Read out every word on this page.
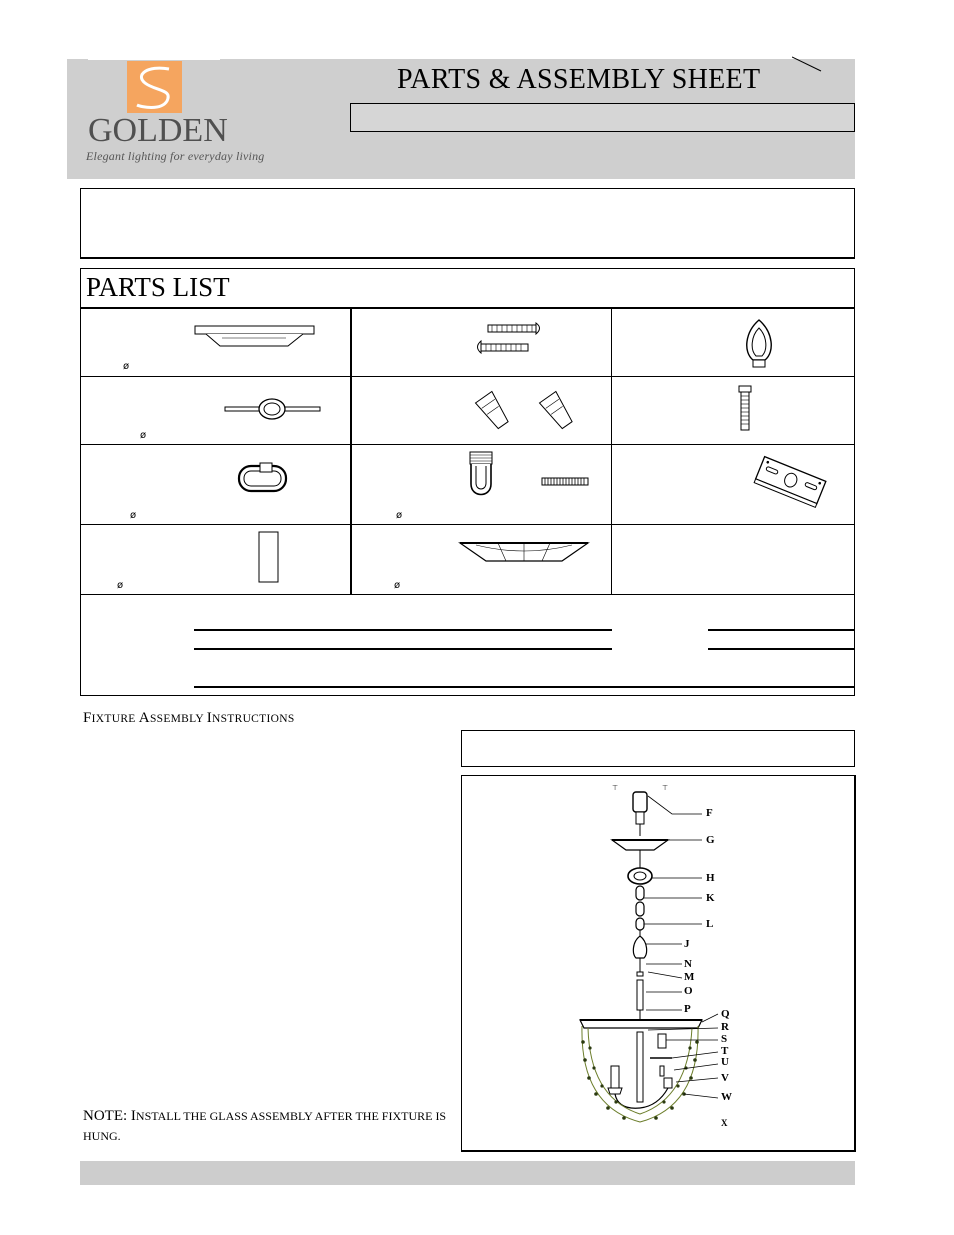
GOLDEN
Elegant lighting for everyday living
PARTS & ASSEMBLY SHEET
PARTS LIST
ø
ø
ø	ø
ø	ø
FIXTURE ASSEMBLY INSTRUCTIONS
⊤	⊤
F
G
H
K
L
J
N
M
O
P	Q
R
S
T
U
V
W
X
NOTE: INSTALL THE GLASS ASSEMBLY AFTER THE FIXTURE IS HUNG.
